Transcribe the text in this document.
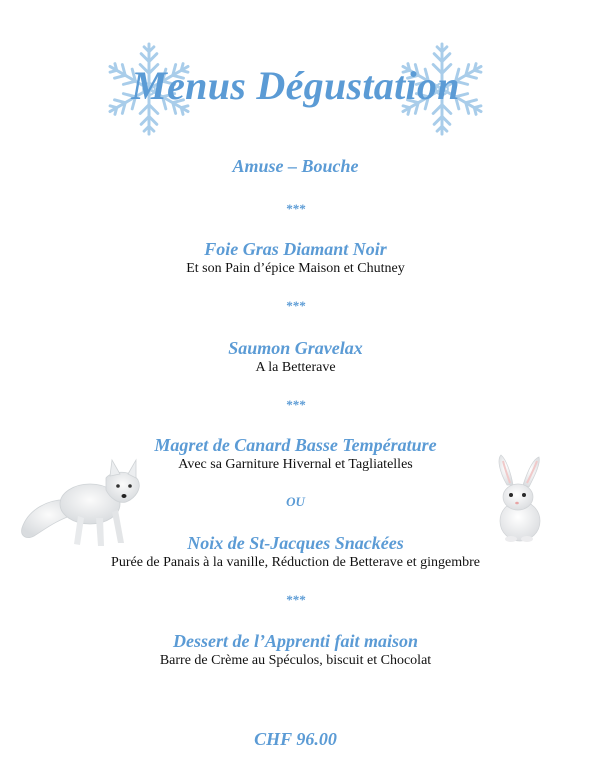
Menus Dégustation
Amuse – Bouche
***
Foie Gras Diamant Noir
Et son Pain d’épice Maison et Chutney
***
Saumon Gravelax
A la Betterave
***
Magret de Canard Basse Température
Avec sa Garniture Hivernal et Tagliatelles
OU
Noix de St-Jacques Snackées
Purée de Panais à la vanille, Réduction de Betterave et gingembre
***
Dessert de l’Apprenti fait maison
Barre de Crème au Spéculos, biscuit et Chocolat
CHF 96.00
